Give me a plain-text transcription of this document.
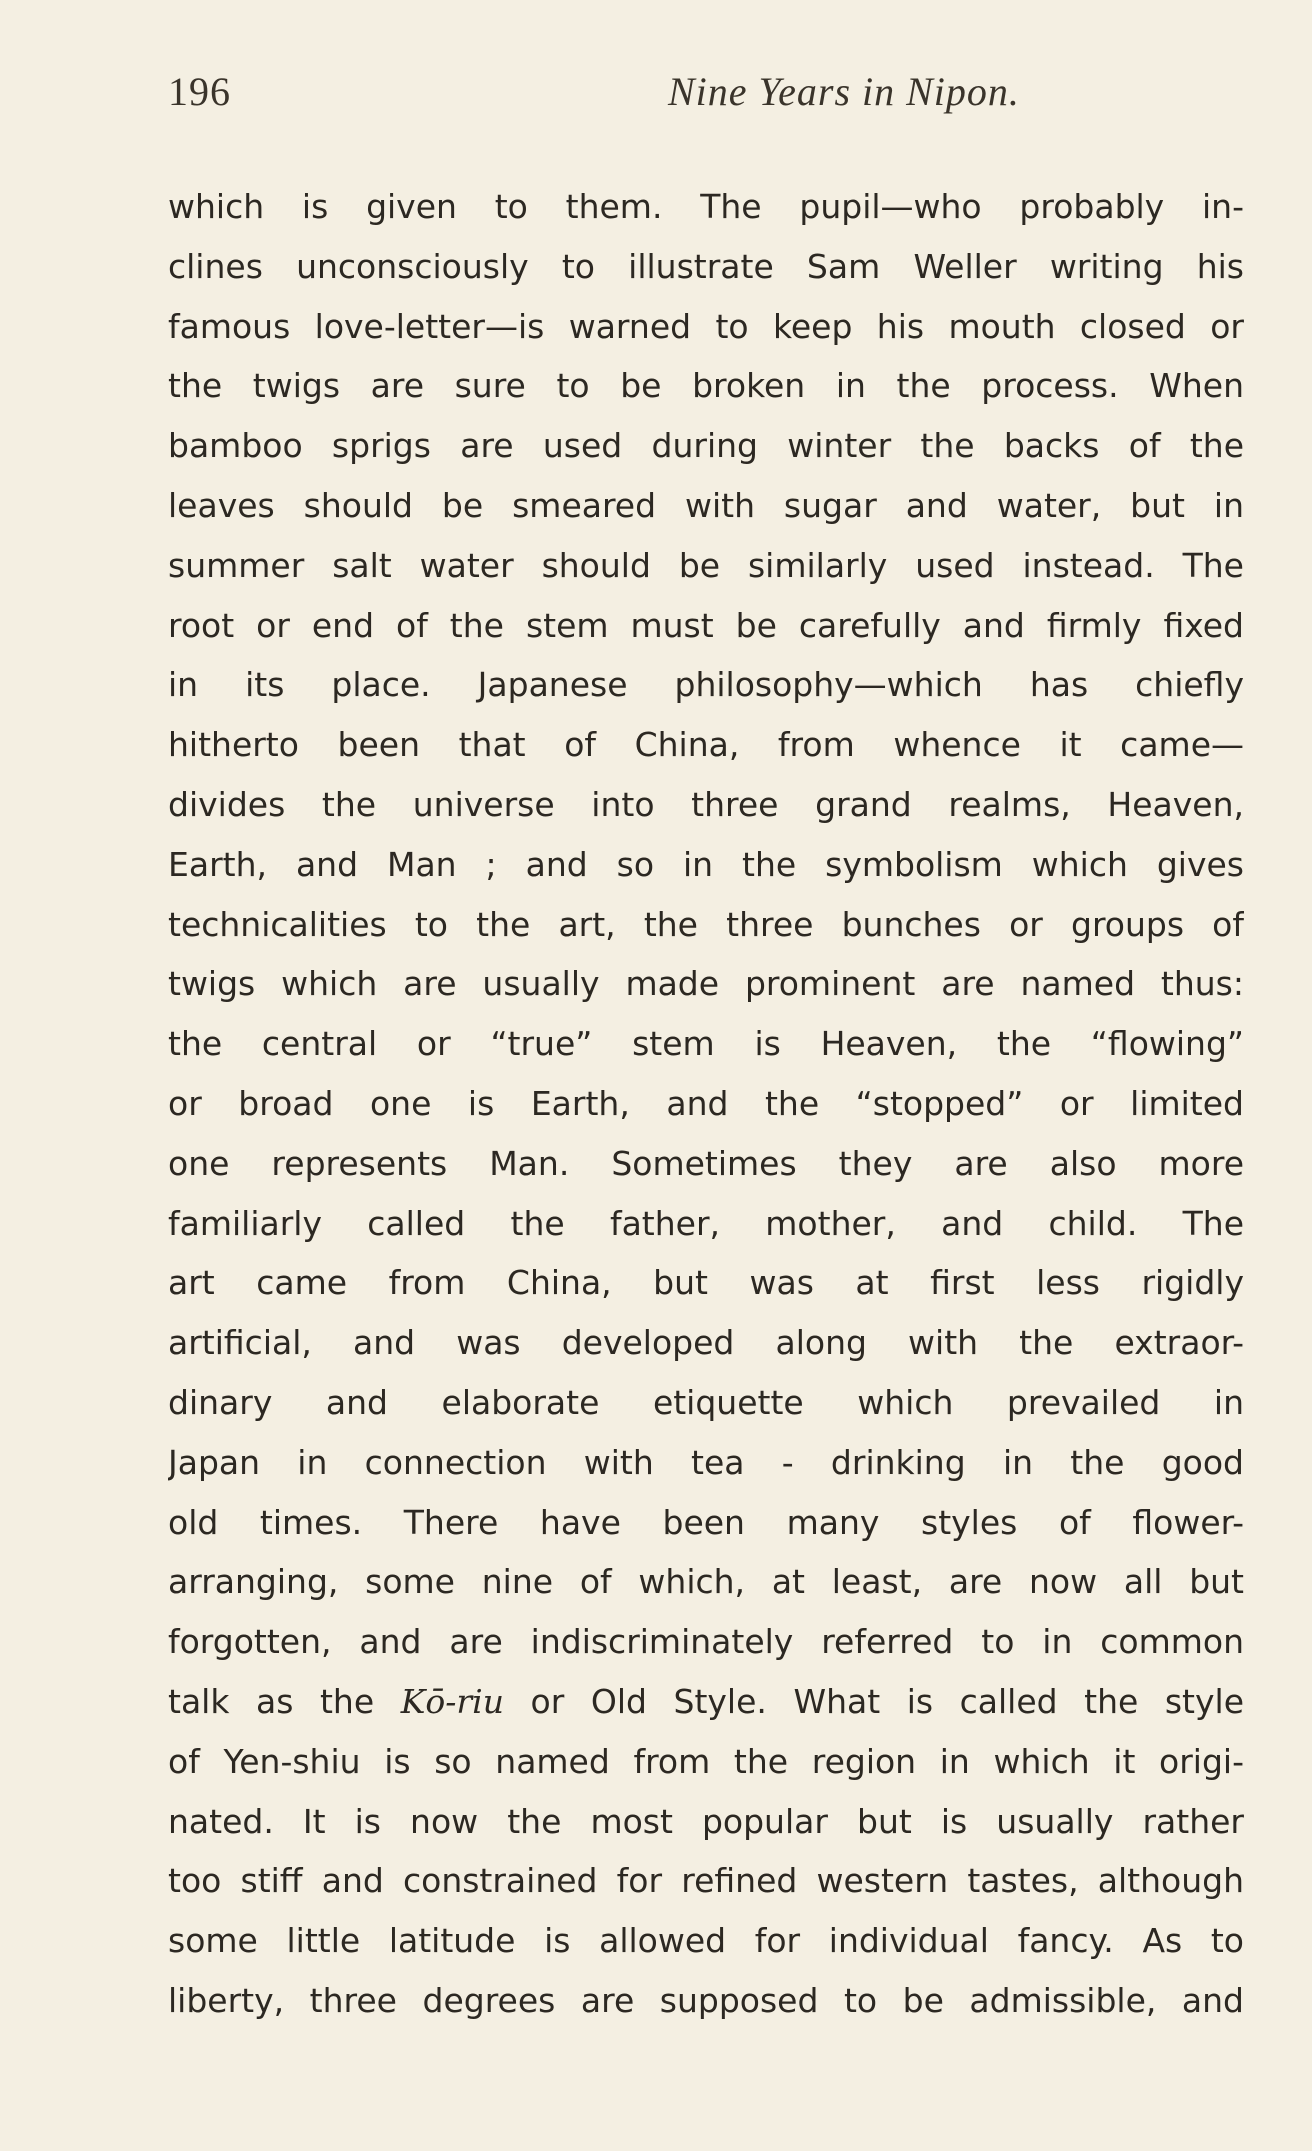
196	Nine Years in Nipon.
which is given to them. The pupil—who probably in-
clines unconsciously to illustrate Sam Weller writing his
famous love-letter—is warned to keep his mouth closed or
the twigs are sure to be broken in the process. When
bamboo sprigs are used during winter the backs of the
leaves should be smeared with sugar and water, but in
summer salt water should be similarly used instead. The
root or end of the stem must be carefully and firmly fixed
in its place. Japanese philosophy—which has chiefly
hitherto been that of China, from whence it came—
divides the universe into three grand realms, Heaven,
Earth, and Man ; and so in the symbolism which gives
technicalities to the art, the three bunches or groups of
twigs which are usually made prominent are named thus:
the central or “true” stem is Heaven, the “flowing”
or broad one is Earth, and the “stopped” or limited
one represents Man. Sometimes they are also more
familiarly called the father, mother, and child. The
art came from China, but was at first less rigidly
artificial, and was developed along with the extraor-
dinary and elaborate etiquette which prevailed in
Japan in connection with tea - drinking in the good
old times. There have been many styles of flower-
arranging, some nine of which, at least, are now all but
forgotten, and are indiscriminately referred to in common
talk as the Kō-riu or Old Style. What is called the style
of Yen-shiu is so named from the region in which it origi-
nated. It is now the most popular but is usually rather
too stiff and constrained for refined western tastes, although
some little latitude is allowed for individual fancy. As to
liberty, three degrees are supposed to be admissible, and
